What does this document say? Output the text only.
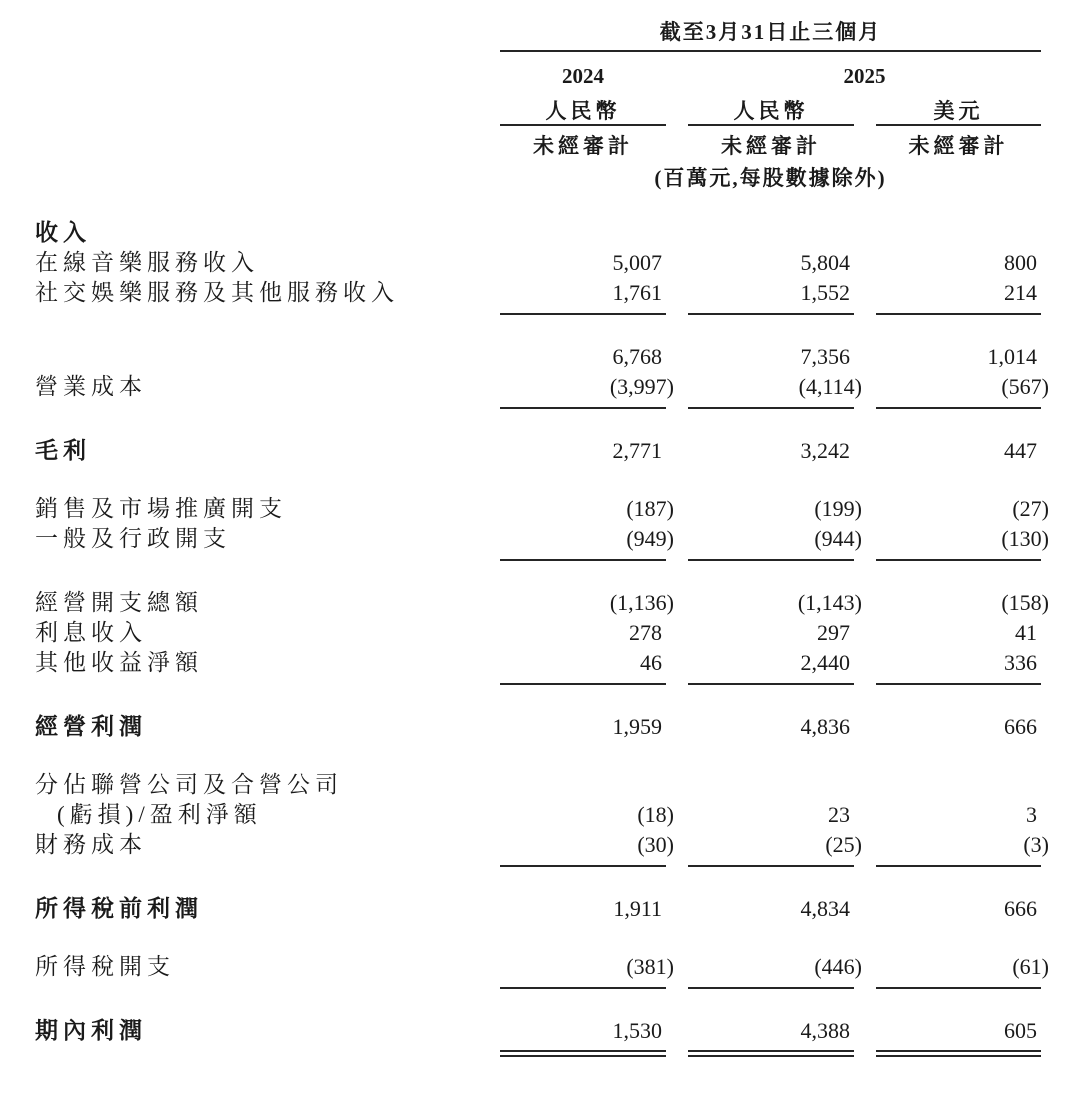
截至3月31日止三個月
2024	2025
人民幣	人民幣	美元
未經審計	未經審計	未經審計
(百萬元,每股數據除外)
收入
在線音樂服務收入	5,007	5,804	800
社交娛樂服務及其他服務收入	1,761	1,552	214
6,768	7,356	1,014
營業成本	(3,997)	(4,114)	(567)
毛利	2,771	3,242	447
銷售及市場推廣開支	(187)	(199)	(27)
一般及行政開支	(949)	(944)	(130)
經營開支總額	(1,136)	(1,143)	(158)
利息收入	278	297	41
其他收益淨額	46	2,440	336
經營利潤	1,959	4,836	666
分佔聯營公司及合營公司
(虧損)/盈利淨額	(18)	23	3
財務成本	(30)	(25)	(3)
所得稅前利潤	1,911	4,834	666
所得稅開支	(381)	(446)	(61)
期內利潤	1,530	4,388	605
